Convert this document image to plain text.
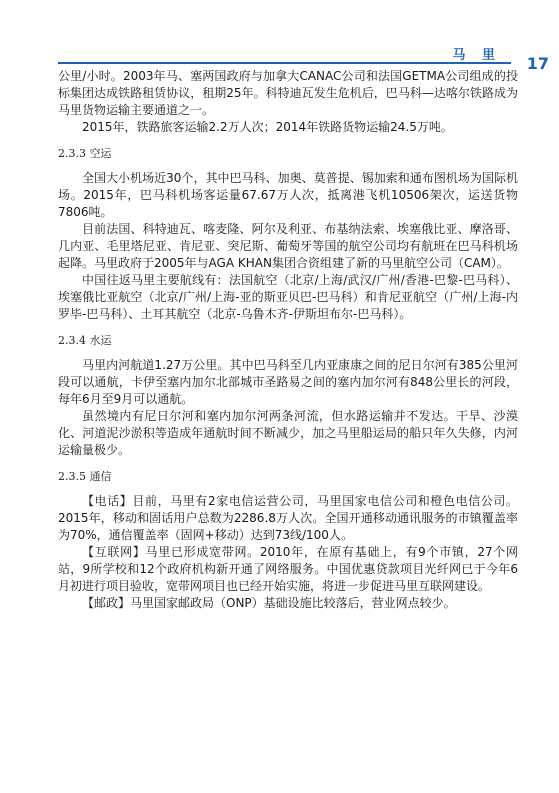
马 里 17

公里/小时。2003年马、塞两国政府与加拿大CANAC公司和法国GETMA公司组成的投标集团达成铁路租赁协议，租期25年。科特迪瓦发生危机后，巴马科—达喀尔铁路成为马里货物运输主要通道之一。

2015年，铁路旅客运输2.2万人次；2014年铁路货物运输24.5万吨。

2.3.3 空运

全国大小机场近30个，其中巴马科、加奥、莫普提、锡加索和通布图机场为国际机场。2015年，巴马科机场客运量67.67万人次，抵离港飞机10506架次，运送货物7806吨。

目前法国、科特迪瓦、喀麦隆、阿尔及利亚、布基纳法索、埃塞俄比亚、摩洛哥、几内亚、毛里塔尼亚、肯尼亚、突尼斯、葡萄牙等国的航空公司均有航班在巴马科机场起降。马里政府于2005年与AGA KHAN集团合资组建了新的马里航空公司（CAM）。

中国往返马里主要航线有：法国航空（北京/上海/武汉/广州/香港-巴黎-巴马科）、埃塞俄比亚航空（北京/广州/上海-亚的斯亚贝巴-巴马科）和肯尼亚航空（广州/上海-内罗毕-巴马科）、土耳其航空（北京-乌鲁木齐-伊斯坦布尔-巴马科）。

2.3.4 水运

马里内河航道1.27万公里。其中巴马科至几内亚康康之间的尼日尔河有385公里河段可以通航，卡伊至塞内加尔北部城市圣路易之间的塞内加尔河有848公里长的河段，每年6月至9月可以通航。

虽然境内有尼日尔河和塞内加尔河两条河流，但水路运输并不发达。干旱、沙漠化、河道泥沙淤积等造成年通航时间不断减少，加之马里船运局的船只年久失修，内河运输量极少。

2.3.5 通信

【电话】目前，马里有2家电信运营公司，马里国家电信公司和橙色电信公司。2015年，移动和固话用户总数为2286.8万人次。全国开通移动通讯服务的市镇覆盖率为70%，通信覆盖率（固网+移动）达到73线/100人。

【互联网】马里已形成宽带网。2010年，在原有基础上，有9个市镇，27个网站，9所学校和12个政府机构新开通了网络服务。中国优惠贷款项目光纤网已于今年6月初进行项目验收，宽带网项目也已经开始实施，将进一步促进马里互联网建设。

【邮政】马里国家邮政局（ONP）基础设施比较落后，营业网点较少。
